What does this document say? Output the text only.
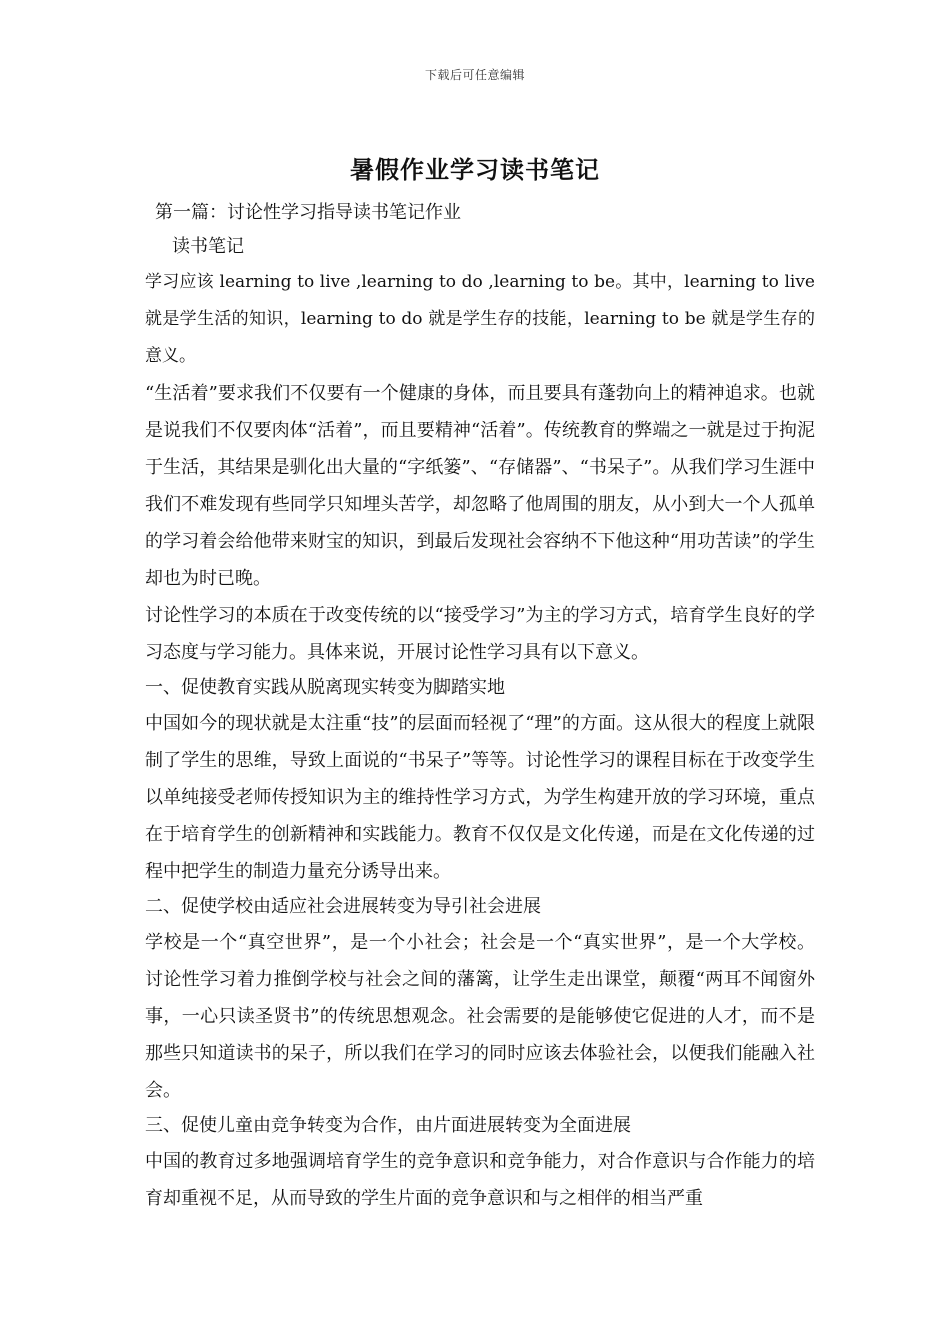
下载后可任意编辑
暑假作业学习读书笔记
第一篇：讨论性学习指导读书笔记作业
读书笔记

学习应该 learning to live ,learning to do ,learning to be。其中，learning to live 就是学生活的知识，learning to do 就是学生存的技能，learning to be 就是学生存的意义。

“生活着”要求我们不仅要有一个健康的身体，而且要具有蓬勃向上的精神追求。也就是说我们不仅要肉体“活着”，而且要精神“活着”。传统教育的弊端之一就是过于拘泥于生活，其结果是驯化出大量的“字纸篓”、“存储器”、“书呆子”。从我们学习生涯中我们不难发现有些同学只知埋头苦学，却忽略了他周围的朋友，从小到大一个人孤单的学习着会给他带来财宝的知识，到最后发现社会容纳不下他这种“用功苦读”的学生却也为时已晚。

讨论性学习的本质在于改变传统的以“接受学习”为主的学习方式，培育学生良好的学习态度与学习能力。具体来说，开展讨论性学习具有以下意义。

一、促使教育实践从脱离现实转变为脚踏实地

中国如今的现状就是太注重“技”的层面而轻视了“理”的方面。这从很大的程度上就限制了学生的思维，导致上面说的“书呆子”等等。讨论性学习的课程目标在于改变学生以单纯接受老师传授知识为主的维持性学习方式，为学生构建开放的学习环境，重点在于培育学生的创新精神和实践能力。教育不仅仅是文化传递，而是在文化传递的过程中把学生的制造力量充分诱导出来。

二、促使学校由适应社会进展转变为导引社会进展

学校是一个“真空世界”，是一个小社会；社会是一个“真实世界”，是一个大学校。 讨论性学习着力推倒学校与社会之间的藩篱，让学生走出课堂，颠覆“两耳不闻窗外事，一心只读圣贤书”的传统思想观念。社会需要的是能够使它促进的人才，而不是那些只知道读书的呆子，所以我们在学习的同时应该去体验社会，以便我们能融入社会。

三、促使儿童由竞争转变为合作，由片面进展转变为全面进展

中国的教育过多地强调培育学生的竞争意识和竞争能力，对合作意识与合作能力的培育却重视不足，从而导致的学生片面的竞争意识和与之相伴的相当严重
